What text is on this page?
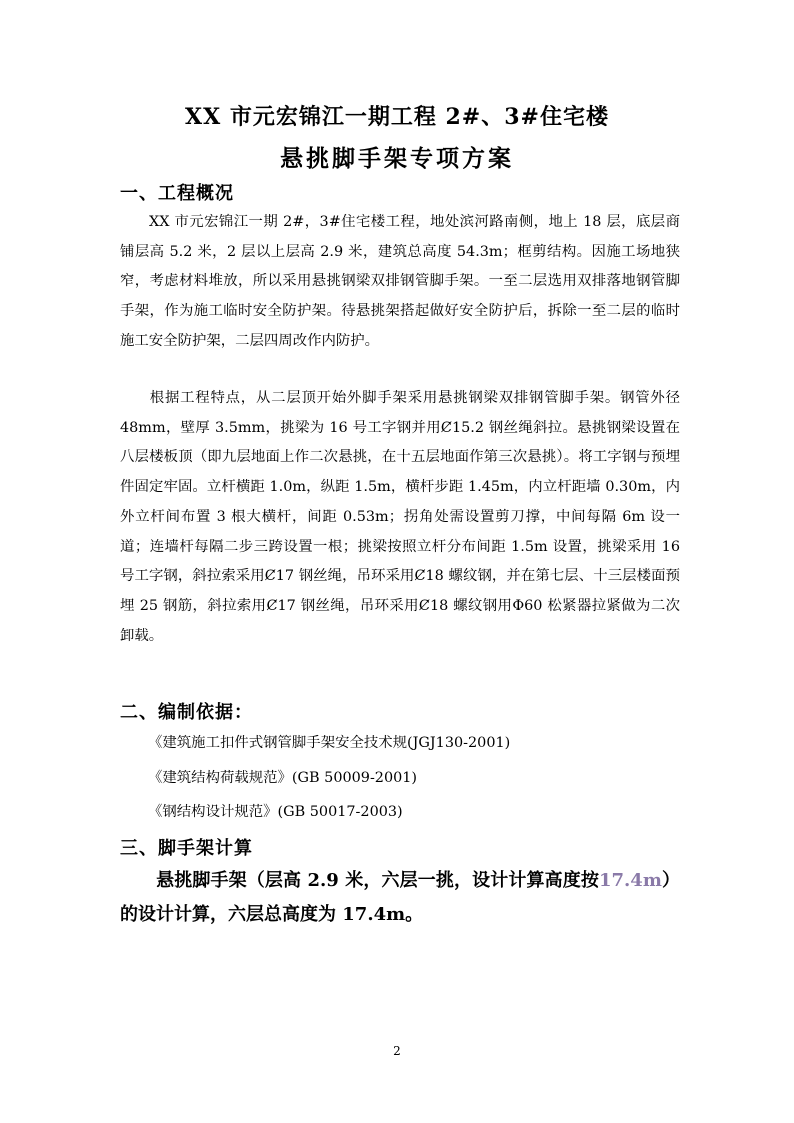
XX 市元宏锦江一期工程 2#、3#住宅楼
悬挑脚手架专项方案
一、工程概况
XX 市元宏锦江一期 2#，3#住宅楼工程，地处滨河路南侧，地上 18 层，底层商铺层高 5.2 米，2 层以上层高 2.9 米，建筑总高度 54.3m；框剪结构。因施工场地狭窄，考虑材料堆放，所以采用悬挑钢梁双排钢管脚手架。一至二层选用双排落地钢管脚手架，作为施工临时安全防护架。待悬挑架搭起做好安全防护后，拆除一至二层的临时施工安全防护架，二层四周改作内防护。
根据工程特点，从二层顶开始外脚手架采用悬挑钢梁双排钢管脚手架。钢管外径 48mm，壁厚 3.5mm，挑梁为 16 号工字钢并用Ȼ15.2 钢丝绳斜拉。悬挑钢梁设置在八层楼板顶（即九层地面上作二次悬挑，在十五层地面作第三次悬挑）。将工字钢与预埋件固定牢固。立杆横距 1.0m，纵距 1.5m，横杆步距 1.45m，内立杆距墙 0.30m，内外立杆间布置 3 根大横杆，间距 0.53m；拐角处需设置剪刀撑，中间每隔 6m 设一道；连墙杆每隔二步三跨设置一根；挑梁按照立杆分布间距 1.5m 设置，挑梁采用 16 号工字钢，斜拉索采用Ȼ17 钢丝绳，吊环采用Ȼ18 螺纹钢，并在第七层、十三层楼面预埋 25 钢筋，斜拉索用Ȼ17 钢丝绳，吊环采用Ȼ18 螺纹钢用Φ60 松紧器拉紧做为二次卸载。
二、编制依据：
《建筑施工扣件式钢管脚手架安全技术规(JGJ130-2001)
《建筑结构荷载规范》(GB 50009-2001)
《钢结构设计规范》(GB 50017-2003)
三、脚手架计算
悬挑脚手架（层高 2.9 米，六层一挑，设计计算高度按17.4m）的设计计算，六层总高度为 17.4m。
2
